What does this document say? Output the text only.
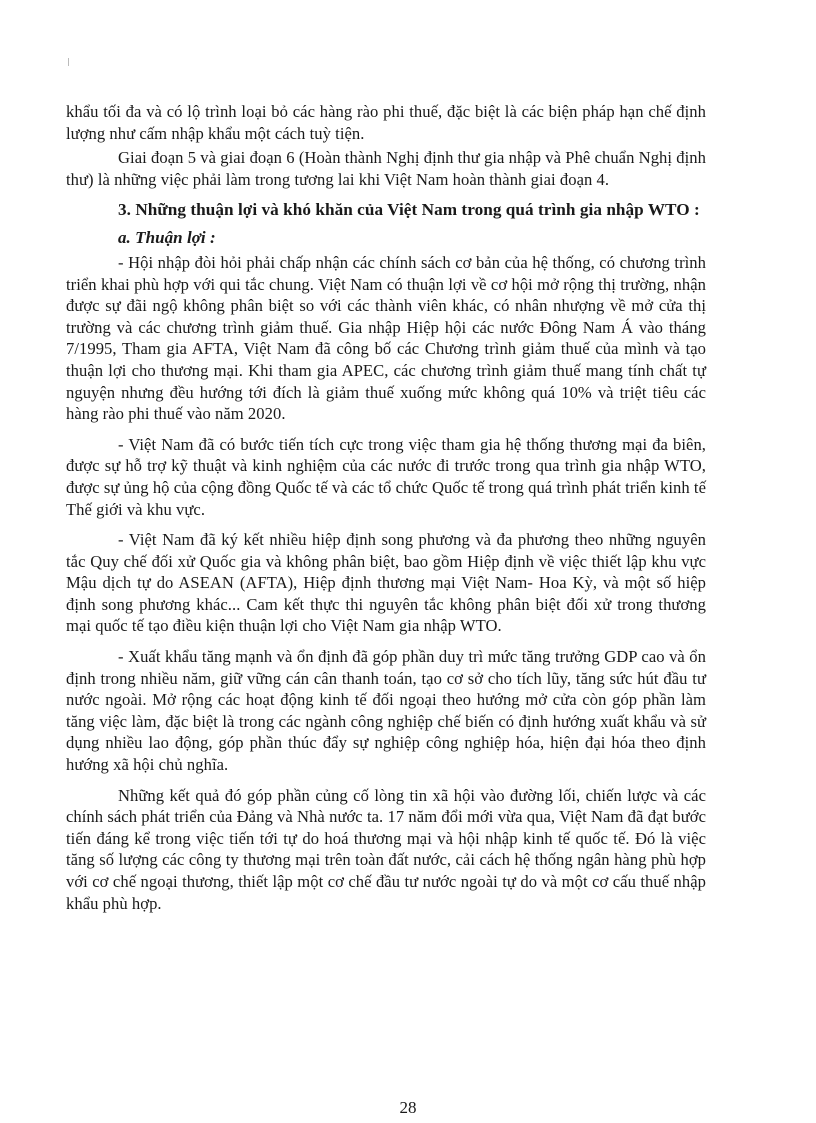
khẩu tối đa và có lộ trình loại bỏ các hàng rào phi thuế, đặc biệt là các biện pháp hạn chế định lượng như cấm nhập khẩu một cách tuỳ tiện.

Giai đoạn 5 và giai đoạn 6 (Hoàn thành Nghị định thư gia nhập và Phê chuẩn Nghị định thư) là những việc phải làm trong tương lai khi Việt Nam hoàn thành giai đoạn 4.

3. Những thuận lợi và khó khăn của Việt Nam trong quá trình gia nhập WTO :

a. Thuận lợi :

- Hội nhập đòi hỏi phải chấp nhận các chính sách cơ bản của hệ thống, có chương trình triển khai phù hợp với qui tắc chung. Việt Nam có thuận lợi về cơ hội mở rộng thị trường, nhận được sự đãi ngộ không phân biệt so với các thành viên khác, có nhân nhượng về mở cửa thị trường và các chương trình giảm thuế. Gia nhập Hiệp hội các nước Đông Nam Á vào tháng 7/1995, Tham gia AFTA, Việt Nam đã công bố các Chương trình giảm thuế của mình và tạo thuận lợi cho thương mại. Khi tham gia APEC, các chương trình giảm thuế mang tính chất tự nguyện nhưng đều hướng tới đích là giảm thuế xuống mức không quá 10% và triệt tiêu các hàng rào phi thuế vào năm 2020.

- Việt Nam đã có bước tiến tích cực trong việc tham gia hệ thống thương mại đa biên, được sự hỗ trợ kỹ thuật và kinh nghiệm của các nước đi trước trong qua trình gia nhập WTO, được sự ủng hộ của cộng đồng Quốc tế và các tổ chức Quốc tế trong quá trình phát triển kinh tế Thế giới và khu vực.

- Việt Nam đã ký kết nhiều hiệp định song phương và đa phương theo những nguyên tắc Quy chế đối xử Quốc gia và không phân biệt, bao gồm Hiệp định về việc thiết lập khu vực Mậu dịch tự do ASEAN (AFTA), Hiệp định thương mại Việt Nam- Hoa Kỳ, và một số hiệp định song phương khác... Cam kết thực thi nguyên tắc không phân biệt đối xử trong thương mại quốc tế tạo điều kiện thuận lợi cho Việt Nam gia nhập WTO.

- Xuất khẩu tăng mạnh và ổn định đã góp phần duy trì mức tăng trưởng GDP cao và ổn định trong nhiều năm, giữ vững cán cân thanh toán, tạo cơ sở cho tích lũy, tăng sức hút đầu tư nước ngoài. Mở rộng các hoạt động kinh tế đối ngoại theo hướng mở cửa còn góp phần làm tăng việc làm, đặc biệt là trong các ngành công nghiệp chế biến có định hướng xuất khẩu và sử dụng nhiều lao động, góp phần thúc đẩy sự nghiệp công nghiệp hóa, hiện đại hóa theo định hướng xã hội chủ nghĩa.

Những kết quả đó góp phần củng cố lòng tin xã hội vào đường lối, chiến lược và các chính sách phát triển của Đảng và Nhà nước ta. 17 năm đổi mới vừa qua, Việt Nam đã đạt bước tiến đáng kể trong việc tiến tới tự do hoá thương mại và hội nhập kinh tế quốc tế. Đó là việc tăng số lượng các công ty thương mại trên toàn đất nước, cải cách hệ thống ngân hàng phù hợp với cơ chế ngoại thương, thiết lập một cơ chế đầu tư nước ngoài tự do và một cơ cấu thuế nhập khẩu phù hợp.

28
